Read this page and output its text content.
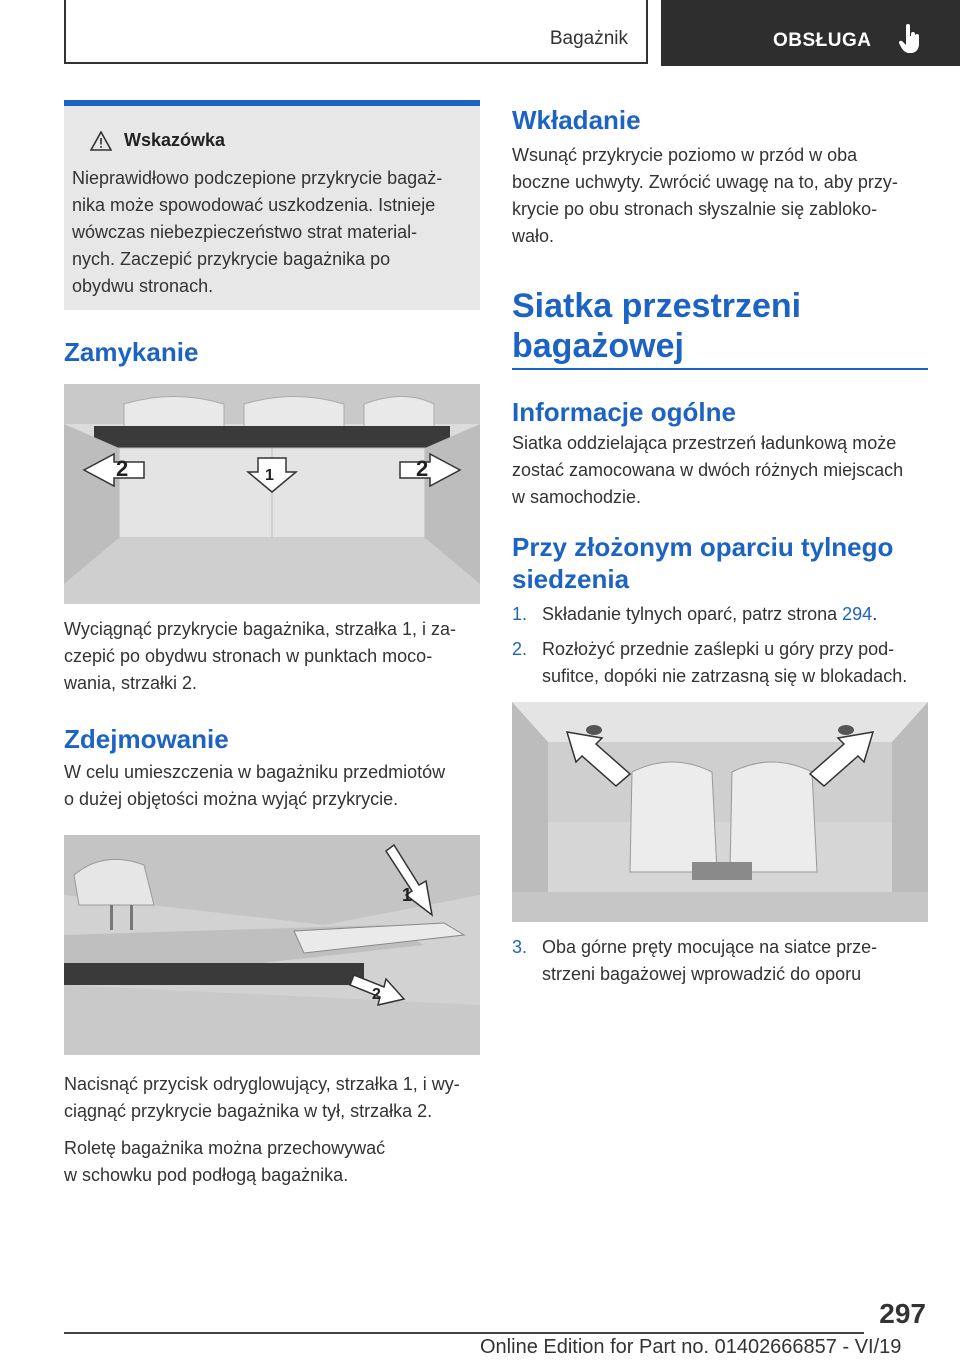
Bagażnik	OBSŁUGA
Wskazówka
Nieprawidłowo podczepione przykrycie bagaż-
nika może spowodować uszkodzenia. Istnieje
wówczas niebezpieczeństwo strat material-
nych. Zaczepić przykrycie bagażnika po
obydwu stronach.
Zamykanie
2	1	2
Wyciągnąć przykrycie bagażnika, strzałka 1, i za-
czepić po obydwu stronach w punktach moco-
wania, strzałki 2.
Zdejmowanie
W celu umieszczenia w bagażniku przedmiotów
o dużej objętości można wyjąć przykrycie.
1
2
Nacisnąć przycisk odryglowujący, strzałka 1, i wy-
ciągnąć przykrycie bagażnika w tył, strzałka 2.
Roletę bagażnika można przechowywać
w schowku pod podłogą bagażnika.
Wkładanie
Wsunąć przykrycie poziomo w przód w oba
boczne uchwyty. Zwrócić uwagę na to, aby przy-
krycie po obu stronach słyszalnie się zabloko-
wało.
Siatka przestrzeni
bagażowej
Informacje ogólne
Siatka oddzielająca przestrzeń ładunkową może
zostać zamocowana w dwóch różnych miejscach
w samochodzie.
Przy złożonym oparciu tylnego
siedzenia
1. Składanie tylnych oparć, patrz strona 294.
2. Rozłożyć przednie zaślepki u góry przy pod-
sufitce, dopóki nie zatrzasną się w blokadach.
3. Oba górne pręty mocujące na siatce prze-
strzeni bagażowej wprowadzić do oporu
297
Online Edition for Part no. 01402666857 - VI/19
